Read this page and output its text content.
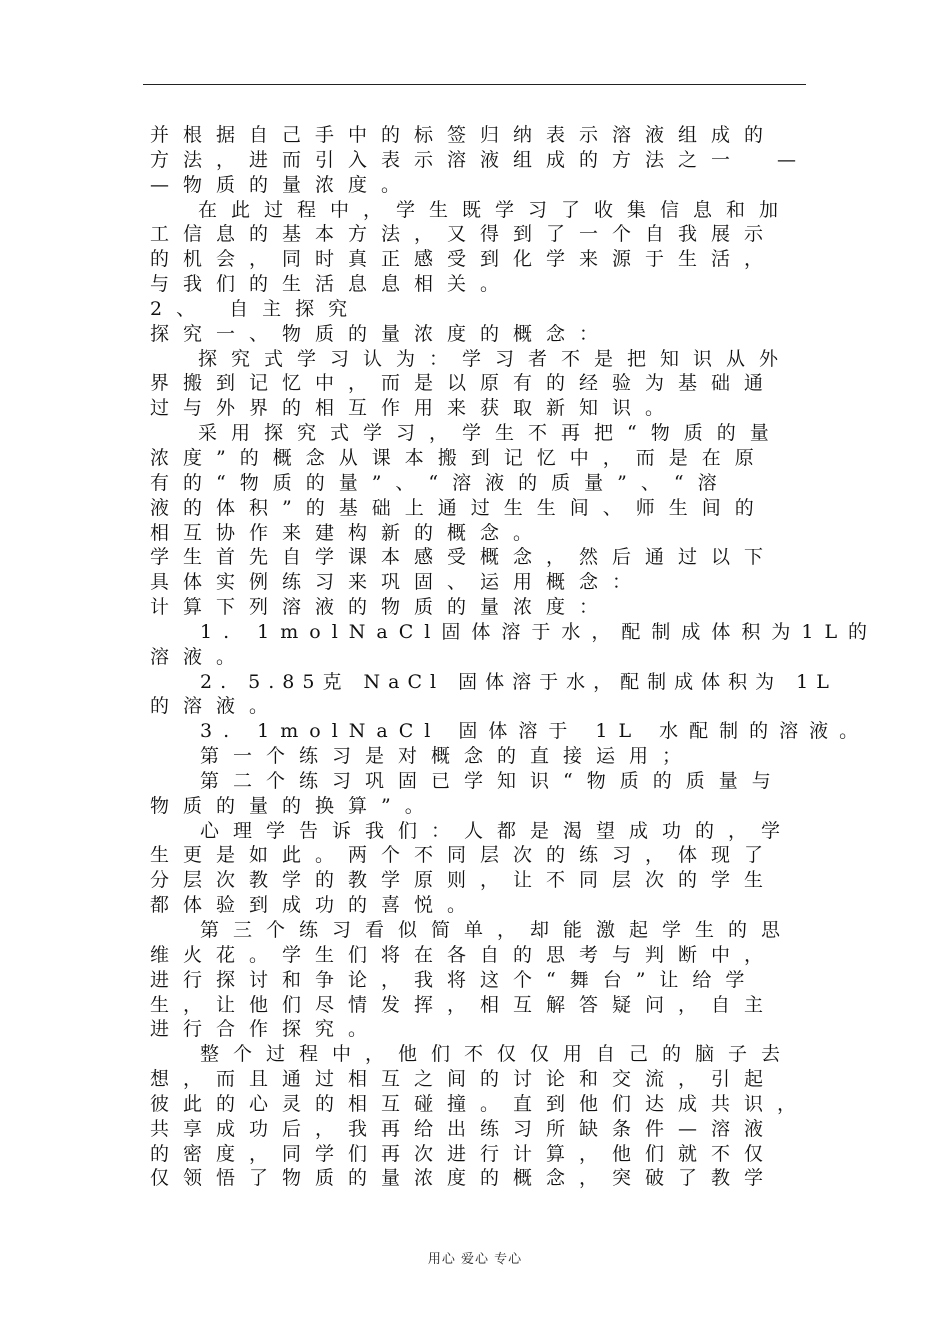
并根据自己手中的标签归纳表示溶液组成的
方法，进而引入表示溶液组成的方法之一　—
—物质的量浓度。
在此过程中，学生既学习了收集信息和加
工信息的基本方法，又得到了一个自我展示
的机会，同时真正感受到化学来源于生活，
与我们的生活息息相关。
2、 自主探究
探究一、物质的量浓度的概念：
探究式学习认为：学习者不是把知识从外
界搬到记忆中，而是以原有的经验为基础通
过与外界的相互作用来获取新知识。
采用探究式学习，学生不再把“物质的量
浓度”的概念从课本搬到记忆中，而是在原
有的“物质的量”、“溶液的质量”、“溶
液的体积”的基础上通过生生间、师生间的
相互协作来建构新的概念。
学生首先自学课本感受概念，然后通过以下
具体实例练习来巩固、运用概念：
计算下列溶液的物质的量浓度：
1. 1molNaCl固体溶于水，配制成体积为1L的
溶液。
2. 5.85克 NaCl 固体溶于水，配制成体积为 1L
的溶液。
3. 1molNaCl 固体溶于 1L 水配制的溶液。
第一个练习是对概念的直接运用；
第二个练习巩固已学知识“物质的质量与
物质的量的换算”。
心理学告诉我们：人都是渴望成功的，学
生更是如此。两个不同层次的练习，体现了
分层次教学的教学原则，让不同层次的学生
都体验到成功的喜悦。
第三个练习看似简单，却能激起学生的思
维火花。学生们将在各自的思考与判断中，
进行探讨和争论，我将这个“舞台”让给学
生，让他们尽情发挥，相互解答疑问，自主
进行合作探究。
整个过程中，他们不仅仅用自己的脑子去
想，而且通过相互之间的讨论和交流，引起
彼此的心灵的相互碰撞。直到他们达成共识，
共享成功后，我再给出练习所缺条件—溶液
的密度，同学们再次进行计算，他们就不仅
仅领悟了物质的量浓度的概念，突破了教学
用心 爱心 专心
